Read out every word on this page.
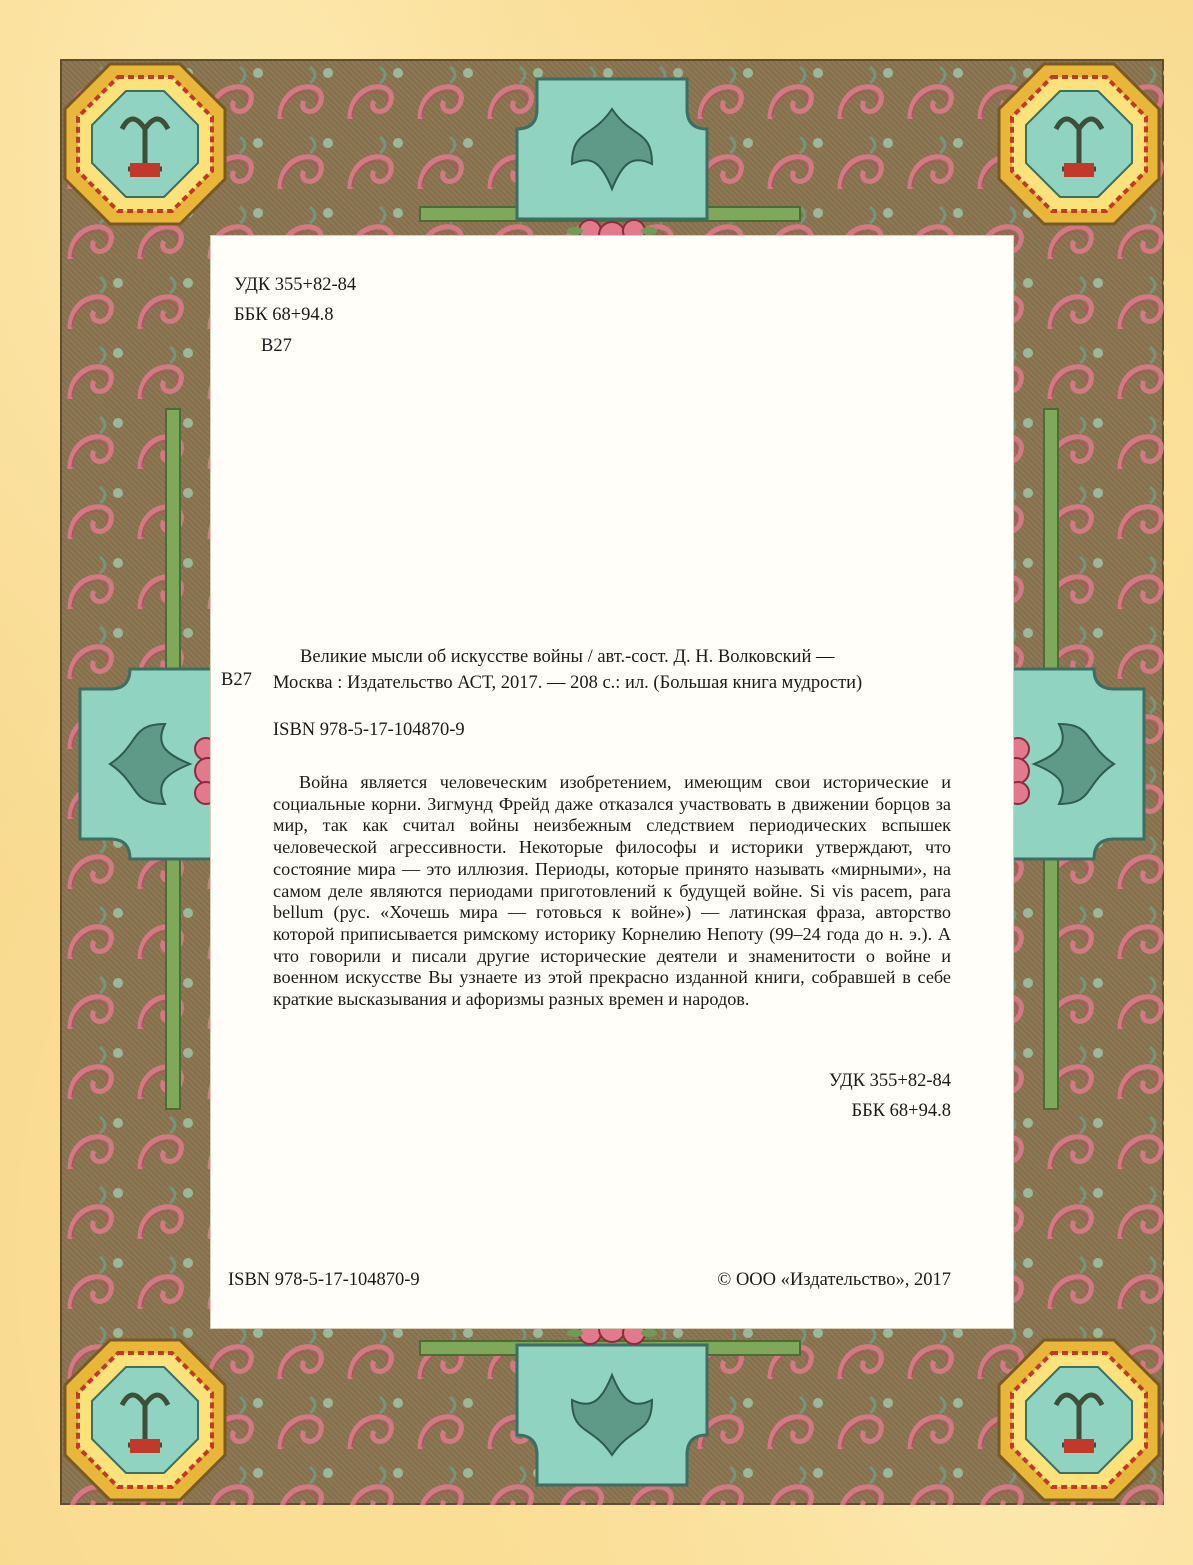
УДК 355+82-84
ББК 68+94.8
В27
В27
Великие мысли об искусстве войны / авт.-сост. Д. Н. Волковский —
Москва : Издательство АСТ, 2017. — 208 с.: ил. (Большая книга мудрости)
ISBN 978-5-17-104870-9

Война является человеческим изобретением, имеющим свои исторические и социальные корни. Зигмунд Фрейд даже отказался участвовать в движении борцов за мир, так как считал войны неизбежным следствием периодических вспышек человеческой агрессивности. Некоторые философы и историки утверждают, что состояние мира — это иллюзия. Периоды, которые принято называть «мирными», на самом деле являются периодами приготовлений к будущей войне. Si vis pacem, para bellum (рус. «Хочешь мира — готовься к войне») — латинская фраза, авторство которой приписывается римскому историку Корнелию Непоту (99–24 года до н. э.). А что говорили и писали другие исторические деятели и знаменитости о войне и военном искусстве Вы узнаете из этой прекрасно изданной книги, собравшей в себе краткие высказывания и афоризмы разных времен и народов.

УДК 355+82-84
ББК 68+94.8
ISBN 978-5-17-104870-9	© ООО «Издательство», 2017
